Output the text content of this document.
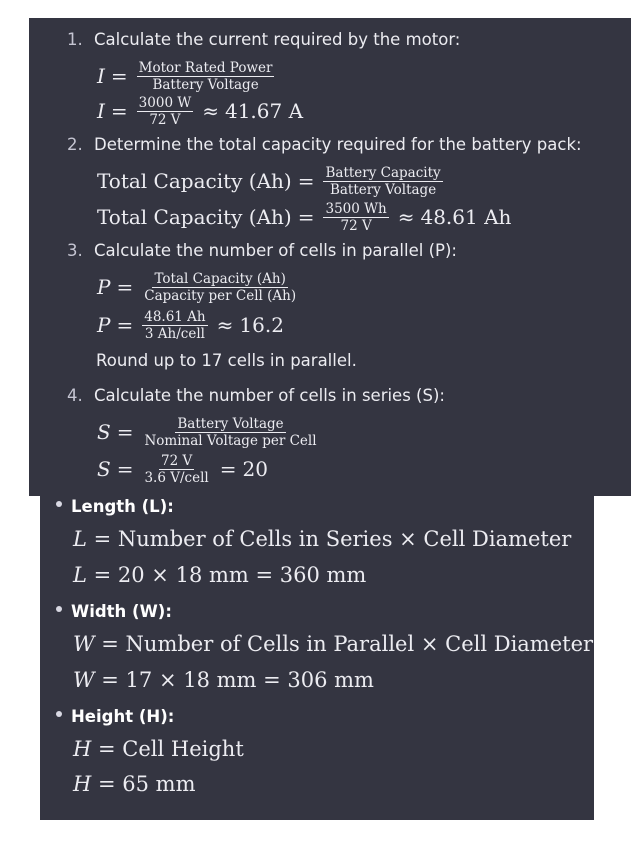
1. Calculate the current required by the motor:
$I = \frac{\text{Motor Rated Power}}{\text{Battery Voltage}}$
$I = \frac{3000 W}{72 V} \approx 41.67$ A
2. Determine the total capacity required for the battery pack:
Total Capacity $(Ah) = \frac{\text{Battery Capacity}}{\text{Battery Voltage}}$
Total Capacity $(Ah) = \frac{3500 Wh}{72 V} \approx 48.61$ Ah
3. Calculate the number of cells in parallel (P):
$P = \frac{\text{Total Capacity (Ah)}}{\text{Capacity per Cell (Ah)}}$
$P = \frac{48.61 Ah}{\text{3 Ah/cell}} \approx 16.2$
Round up to 17 cells in parallel.
4. Calculate the number of cells in series (S):
$S = \frac{\text{Battery Voltage}}{\text{Nominal Voltage per Cell}}$
$S = \frac{72 V}{\text{3.6 V/cell}} = 20$
Length (L):
L = Number of Cells in Series × Cell Diameter
L = 20 × 18 mm = 360 mm
Width (W):
W = Number of Cells in Parallel × Cell Diameter
W = 17 × 18 mm = 306 mm
Height (H):
H = Cell Height
H = 65 mm
